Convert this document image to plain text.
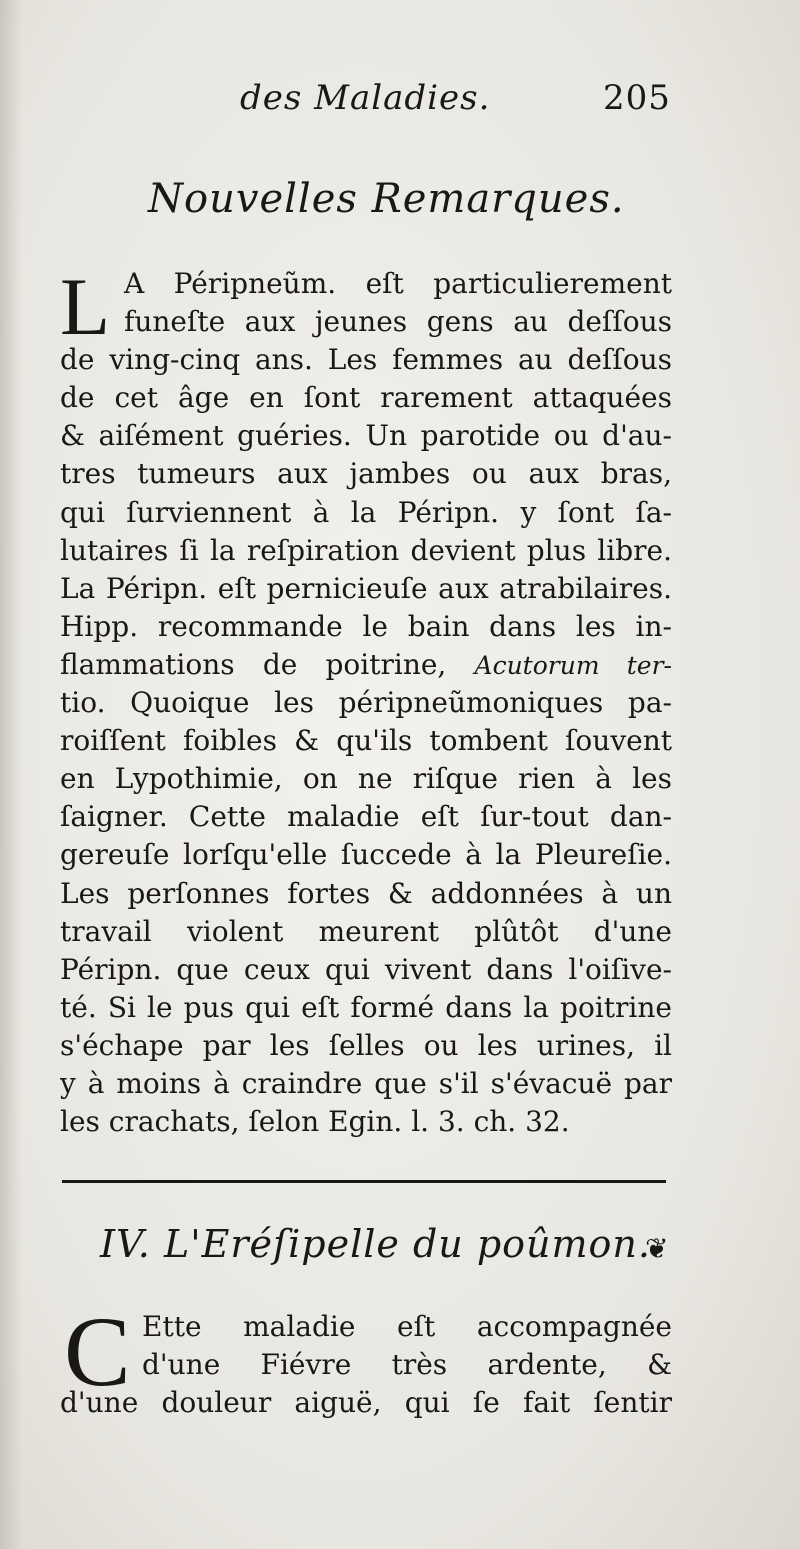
des Maladies.	205
Nouvelles Remarques.
L A Péripneũm. eſt particulierement
funeſte aux jeunes gens au deſſous
de ving-cinq ans. Les femmes au deſſous
de cet âge en ſont rarement attaquées
& aiſément guéries. Un parotide ou d'au-
tres tumeurs aux jambes ou aux bras,
qui ſurviennent à la Péripn. y ſont ſa-
lutaires ſi la reſpiration devient plus libre.
La Péripn. eſt pernicieuſe aux atrabilaires.
Hipp. recommande le bain dans les in-
flammations de poitrine, Acutorum ter-
tio. Quoique les péripneũmoniques pa-
roiſſent foibles & qu'ils tombent ſouvent
en Lypothimie, on ne riſque rien à les
ſaigner. Cette maladie eſt ſur-tout dan-
gereuſe lorſqu'elle ſuccede à la Pleureſie.
Les perſonnes fortes & addonnées à un
travail violent meurent plûtôt d'une
Péripn. que ceux qui vivent dans l'oiſive-
té. Si le pus qui eſt formé dans la poitrine
s'échape par les ſelles ou les urines, il
y à moins à craindre que s'il s'évacuë par
les crachats, ſelon Egin. l. 3. ch. 32.
IV. L'Eréſipelle du poûmon.
❦
C Ette maladie eſt accompagnée
d'une Fiévre très ardente, &
d'une douleur aiguë, qui ſe fait ſentir
